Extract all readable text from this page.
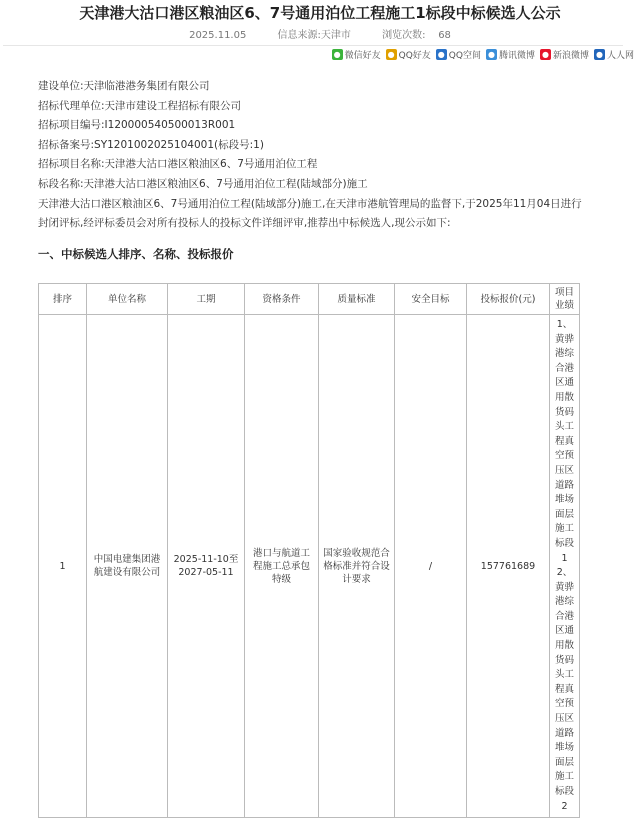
天津港大沽口港区粮油区6、7号通用泊位工程施工1标段中标候选人公示
2025.11.05	信息来源:天津市	浏览次数: 68
● 微信好友 ● QQ好友 ● QQ空间 ● 腾讯微博 ● 新浪微博 ● 人人网

建设单位:天津临港港务集团有限公司

招标代理单位:天津市建设工程招标有限公司

招标项目编号:I120000540500013R001

招标备案号:SY1201002025104001(标段号:1)

招标项目名称:天津港大沽口港区粮油区6、7号通用泊位工程

标段名称:天津港大沽口港区粮油区6、7号通用泊位工程(陆域部分)施工

天津港大沽口港区粮油区6、7号通用泊位工程(陆域部分)施工,在天津市港航管理局的监督下,于2025年11月04日进行封闭评标,经评标委员会对所有投标人的投标文件详细评审,推荐出中标候选人,现公示如下:

一、中标候选人排序、名称、投标报价
排序	单位名称	工期	资格条件	质量标准	安全目标	投标报价(元)	项目业绩
1	中国电建集团港航建设有限公司	2025-11-10至2027-05-11	港口与航道工程施工总承包特级	国家验收规范合格标准并符合设计要求	/	157761689	1、黄骅港综合港区通用散货码头工程真空预压区道路堆场面层施工标段1 2、黄骅港综合港区通用散货码头工程真空预压区道路堆场面层施工标段2
